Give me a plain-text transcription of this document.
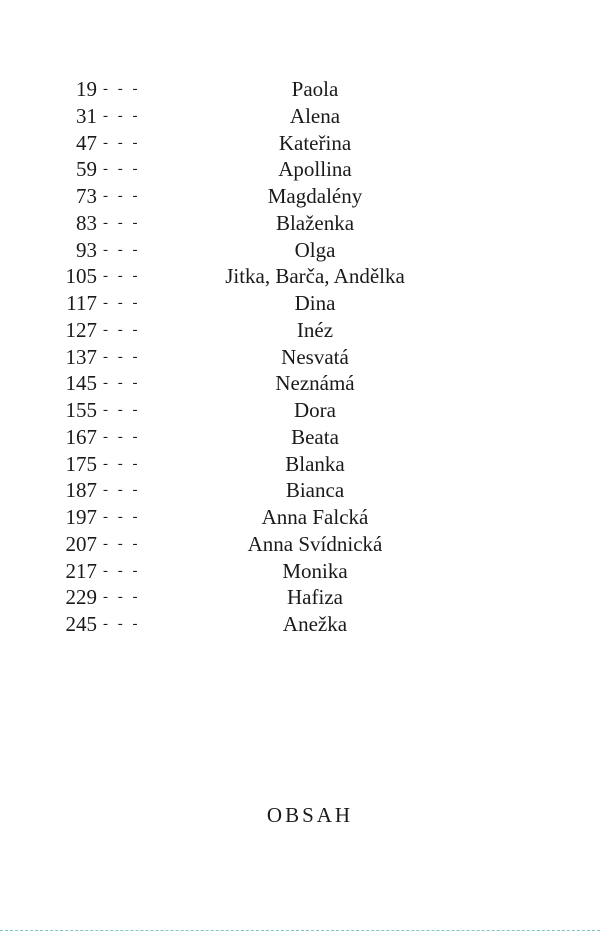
19 - - -	Paola
31 - - -	Alena
47 - - -	Kateřina
59 - - -	Apollina
73 - - -	Magdalény
83 - - -	Blaženka
93 - - -	Olga
105 - - -	Jitka, Barča, Andělka
117 - - -	Dina
127 - - -	Inéz
137 - - -	Nesvatá
145 - - -	Neznámá
155 - - -	Dora
167 - - -	Beata
175 - - -	Blanka
187 - - -	Bianca
197 - - -	Anna Falcká
207 - - -	Anna Svídnická
217 - - -	Monika
229 - - -	Hafiza
245 - - -	Anežka
OBSAH
